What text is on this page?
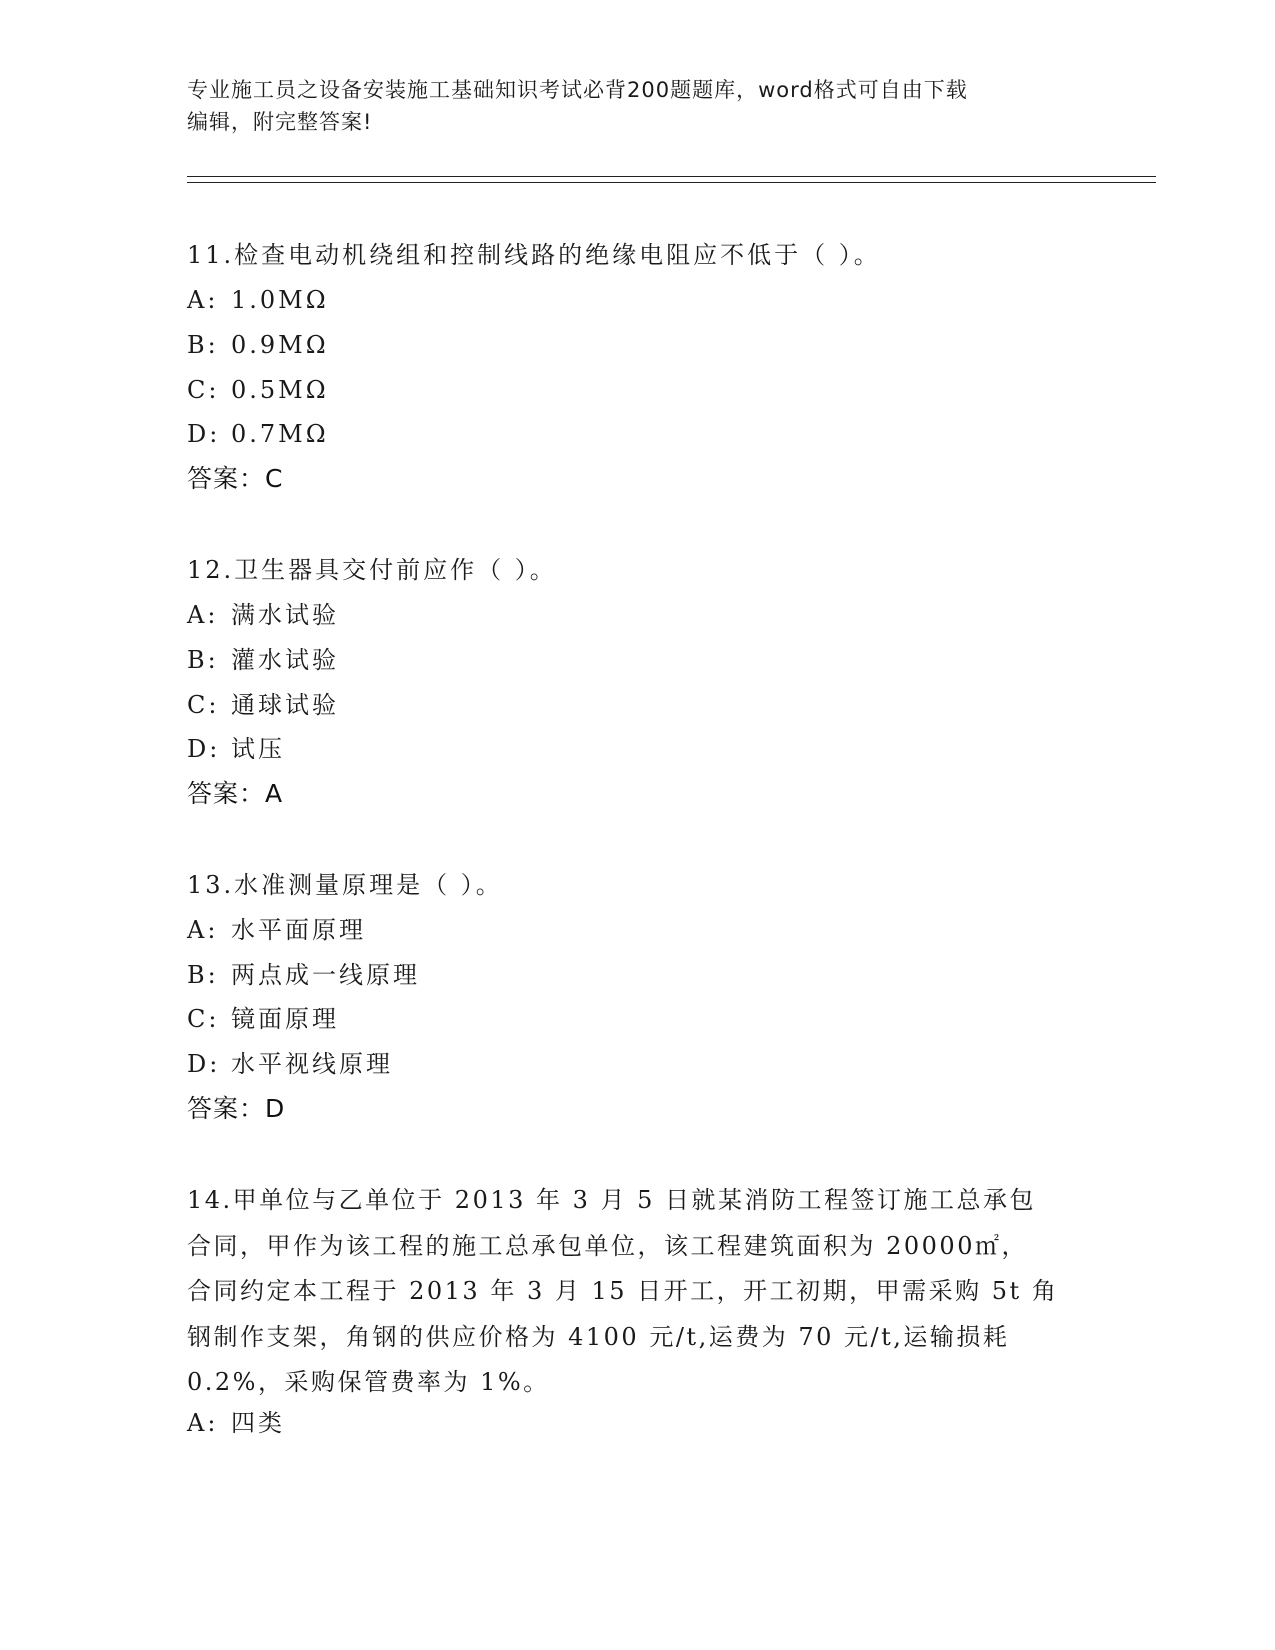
专业施工员之设备安装施工基础知识考试必背200题题库，word格式可自由下载
编辑，附完整答案!
11.检查电动机绕组和控制线路的绝缘电阻应不低于（ ）。
A: 1.0MΩ
B: 0.9MΩ
C: 0.5MΩ
D: 0.7MΩ
答案：C
12.卫生器具交付前应作（ ）。
A: 满水试验
B: 灌水试验
C: 通球试验
D: 试压
答案：A
13.水准测量原理是（ ）。
A: 水平面原理
B: 两点成一线原理
C: 镜面原理
D: 水平视线原理
答案：D
14.甲单位与乙单位于 2013 年 3 月 5 日就某消防工程签订施工总承包
合同，甲作为该工程的施工总承包单位，该工程建筑面积为 20000㎡，
合同约定本工程于 2013 年 3 月 15 日开工，开工初期，甲需采购 5t 角
钢制作支架，角钢的供应价格为 4100 元/t,运费为 70 元/t,运输损耗
0.2%，采购保管费率为 1%。
A: 四类
